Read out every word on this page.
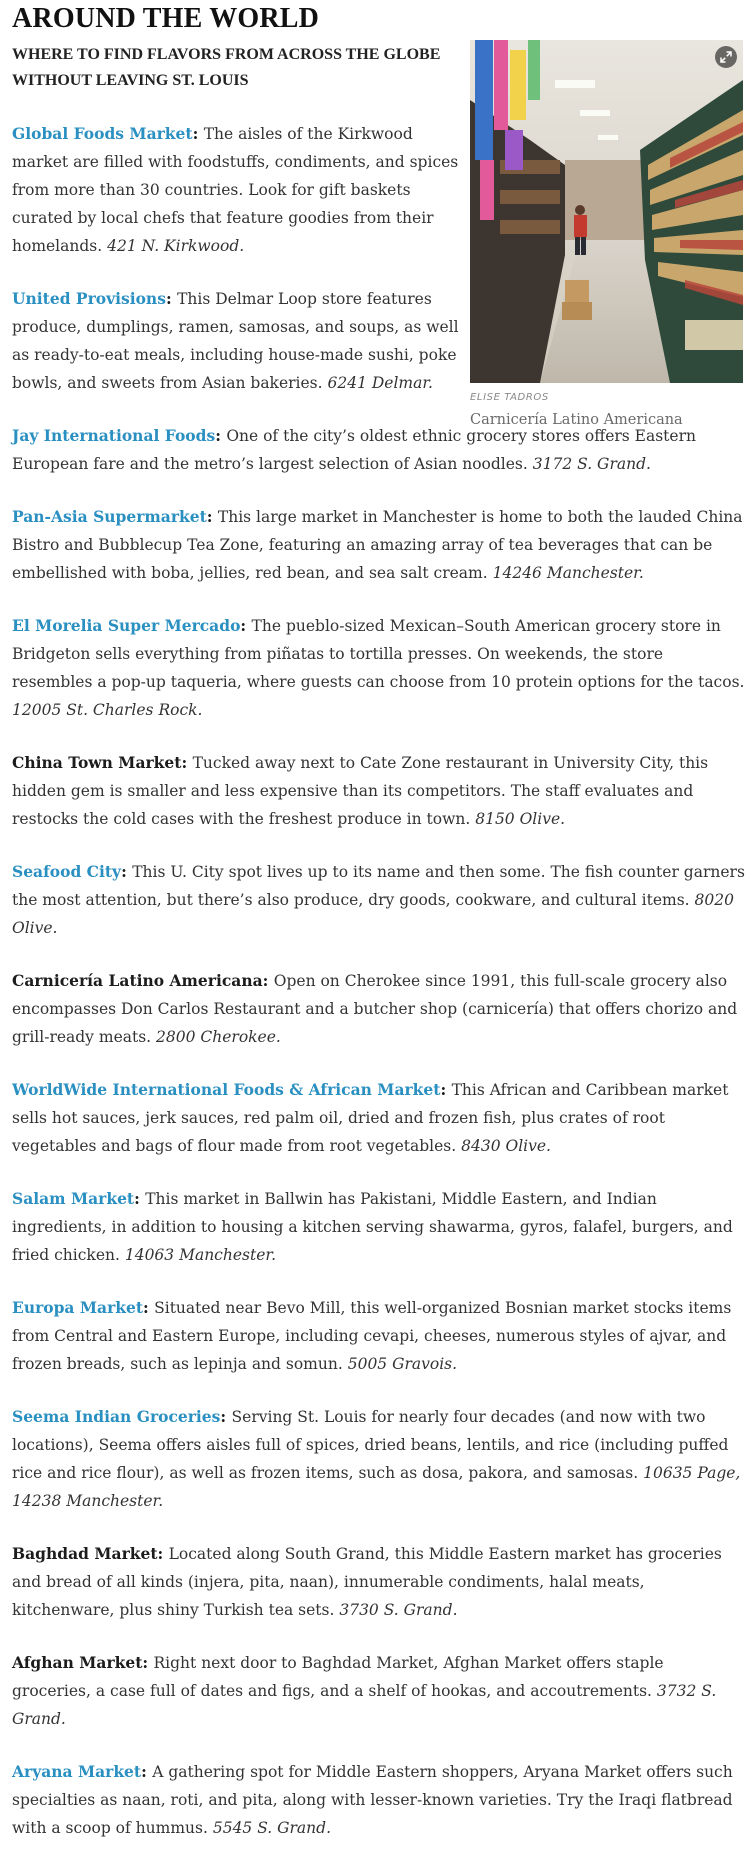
AROUND THE WORLD
WHERE TO FIND FLAVORS FROM ACROSS THE GLOBE WITHOUT LEAVING ST. LOUIS

ELISE TADROS

Carnicería Latino Americana

Global Foods Market: The aisles of the Kirkwood market are filled with foodstuffs, condiments, and spices from more than 30 countries. Look for gift baskets curated by local chefs that feature goodies from their homelands. 421 N. Kirkwood.

United Provisions: This Delmar Loop store features produce, dumplings, ramen, samosas, and soups, as well as ready-to-eat meals, including house-made sushi, poke bowls, and sweets from Asian bakeries. 6241 Delmar.

Jay International Foods: One of the city’s oldest ethnic grocery stores offers Eastern European fare and the metro’s largest selection of Asian noodles. 3172 S. Grand.

Pan-Asia Supermarket: This large market in Manchester is home to both the lauded China Bistro and Bubblecup Tea Zone, featuring an amazing array of tea beverages that can be embellished with boba, jellies, red bean, and sea salt cream. 14246 Manchester.

El Morelia Super Mercado: The pueblo-sized Mexican–South American grocery store in Bridgeton sells everything from piñatas to tortilla presses. On weekends, the store resembles a pop-up taqueria, where guests can choose from 10 protein options for the tacos. 12005 St. Charles Rock.

China Town Market: Tucked away next to Cate Zone restaurant in University City, this hidden gem is smaller and less expensive than its competitors. The staff evaluates and restocks the cold cases with the freshest produce in town. 8150 Olive.

Seafood City: This U. City spot lives up to its name and then some. The fish counter garners the most attention, but there’s also produce, dry goods, cookware, and cultural items. 8020 Olive.

Carnicería Latino Americana: Open on Cherokee since 1991, this full-scale grocery also encompasses Don Carlos Restaurant and a butcher shop (carnicería) that offers chorizo and grill-ready meats. 2800 Cherokee.

WorldWide International Foods & African Market: This African and Caribbean market sells hot sauces, jerk sauces, red palm oil, dried and frozen fish, plus crates of root vegetables and bags of flour made from root vegetables. 8430 Olive.

Salam Market: This market in Ballwin has Pakistani, Middle Eastern, and Indian ingredients, in addition to housing a kitchen serving shawarma, gyros, falafel, burgers, and fried chicken. 14063 Manchester.

Europa Market: Situated near Bevo Mill, this well-organized Bosnian market stocks items from Central and Eastern Europe, including cevapi, cheeses, numerous styles of ajvar, and frozen breads, such as lepinja and somun. 5005 Gravois.

Seema Indian Groceries: Serving St. Louis for nearly four decades (and now with two locations), Seema offers aisles full of spices, dried beans, lentils, and rice (including puffed rice and rice flour), as well as frozen items, such as dosa, pakora, and samosas. 10635 Page, 14238 Manchester.

Baghdad Market: Located along South Grand, this Middle Eastern market has groceries and bread of all kinds (injera, pita, naan), innumerable condiments, halal meats, kitchenware, plus shiny Turkish tea sets. 3730 S. Grand.

Afghan Market: Right next door to Baghdad Market, Afghan Market offers staple groceries, a case full of dates and figs, and a shelf of hookas, and accoutrements. 3732 S. Grand.

Aryana Market: A gathering spot for Middle Eastern shoppers, Aryana Market offers such specialties as naan, roti, and pita, along with lesser-known varieties. Try the Iraqi flatbread with a scoop of hummus. 5545 S. Grand.
